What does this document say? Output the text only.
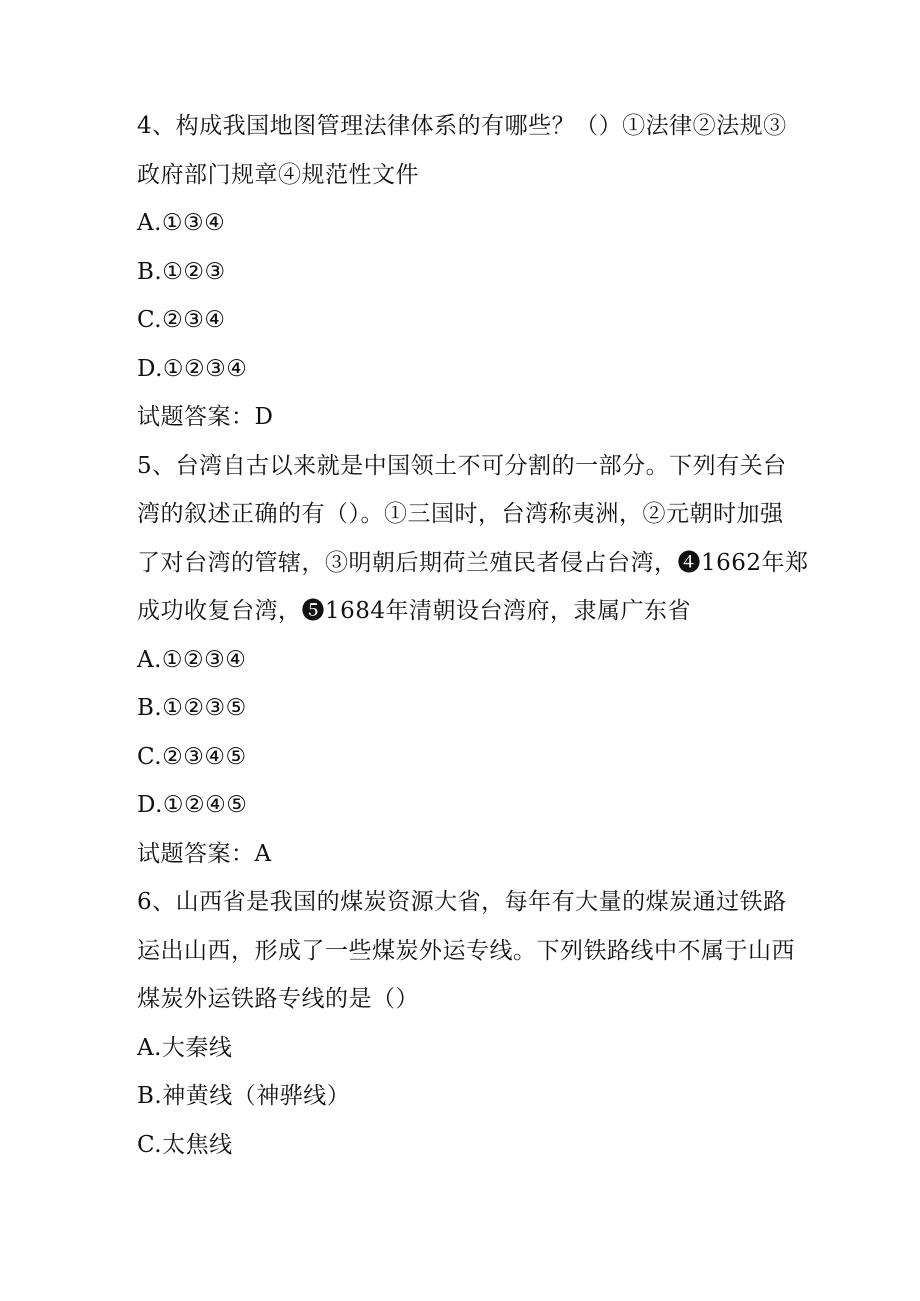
4、构成我国地图管理法律体系的有哪些？（）①法律②法规③
政府部门规章④规范性文件
A.①③④
B.①②③
C.②③④
D.①②③④
试题答案：D
5、台湾自古以来就是中国领土不可分割的一部分。下列有关台
湾的叙述正确的有（）。①三国时，台湾称夷洲，②元朝时加强
了对台湾的管辖，③明朝后期荷兰殖民者侵占台湾，❹1662年郑
成功收复台湾，❺1684年清朝设台湾府，隶属广东省
A.①②③④
B.①②③⑤
C.②③④⑤
D.①②④⑤
试题答案：A
6、山西省是我国的煤炭资源大省，每年有大量的煤炭通过铁路
运出山西，形成了一些煤炭外运专线。下列铁路线中不属于山西
煤炭外运铁路专线的是（）
A.大秦线
B.神黄线（神骅线）
C.太焦线
